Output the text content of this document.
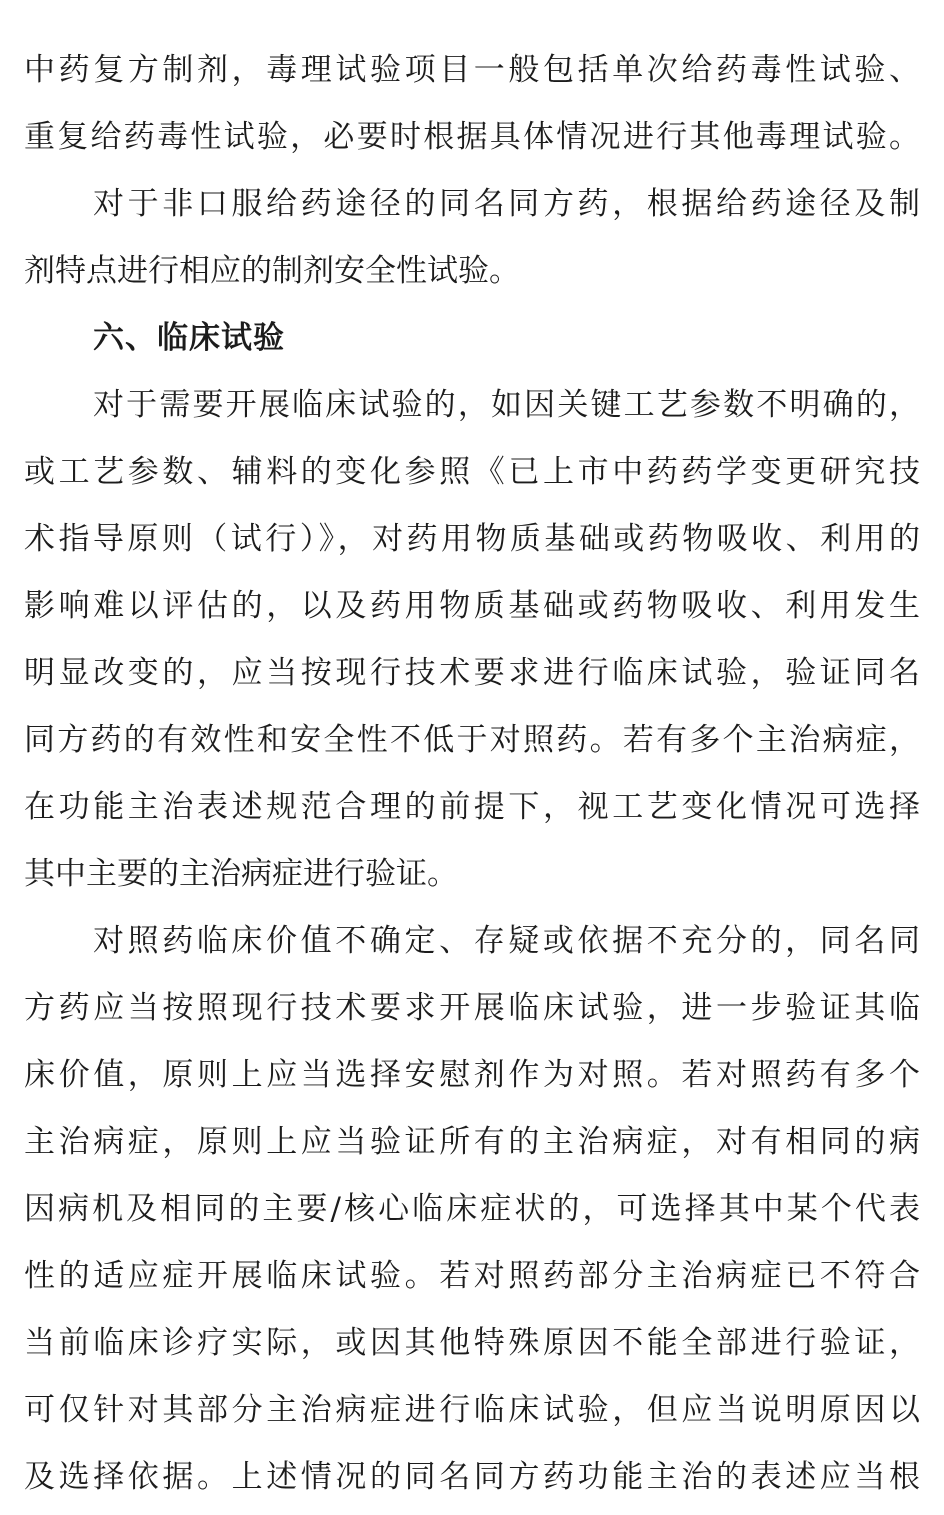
中药复方制剂，毒理试验项目一般包括单次给药毒性试验、
重复给药毒性试验，必要时根据具体情况进行其他毒理试验。
对于非口服给药途径的同名同方药，根据给药途径及制
剂特点进行相应的制剂安全性试验。
六、临床试验
对于需要开展临床试验的，如因关键工艺参数不明确的，
或工艺参数、辅料的变化参照《已上市中药药学变更研究技
术指导原则（试行）》，对药用物质基础或药物吸收、利用的
影响难以评估的，以及药用物质基础或药物吸收、利用发生
明显改变的，应当按现行技术要求进行临床试验，验证同名
同方药的有效性和安全性不低于对照药。若有多个主治病症，
在功能主治表述规范合理的前提下，视工艺变化情况可选择
其中主要的主治病症进行验证。
对照药临床价值不确定、存疑或依据不充分的，同名同
方药应当按照现行技术要求开展临床试验，进一步验证其临
床价值，原则上应当选择安慰剂作为对照。若对照药有多个
主治病症，原则上应当验证所有的主治病症，对有相同的病
因病机及相同的主要/核心临床症状的，可选择其中某个代表
性的适应症开展临床试验。若对照药部分主治病症已不符合
当前临床诊疗实际，或因其他特殊原因不能全部进行验证，
可仅针对其部分主治病症进行临床试验，但应当说明原因以
及选择依据。上述情况的同名同方药功能主治的表述应当根
